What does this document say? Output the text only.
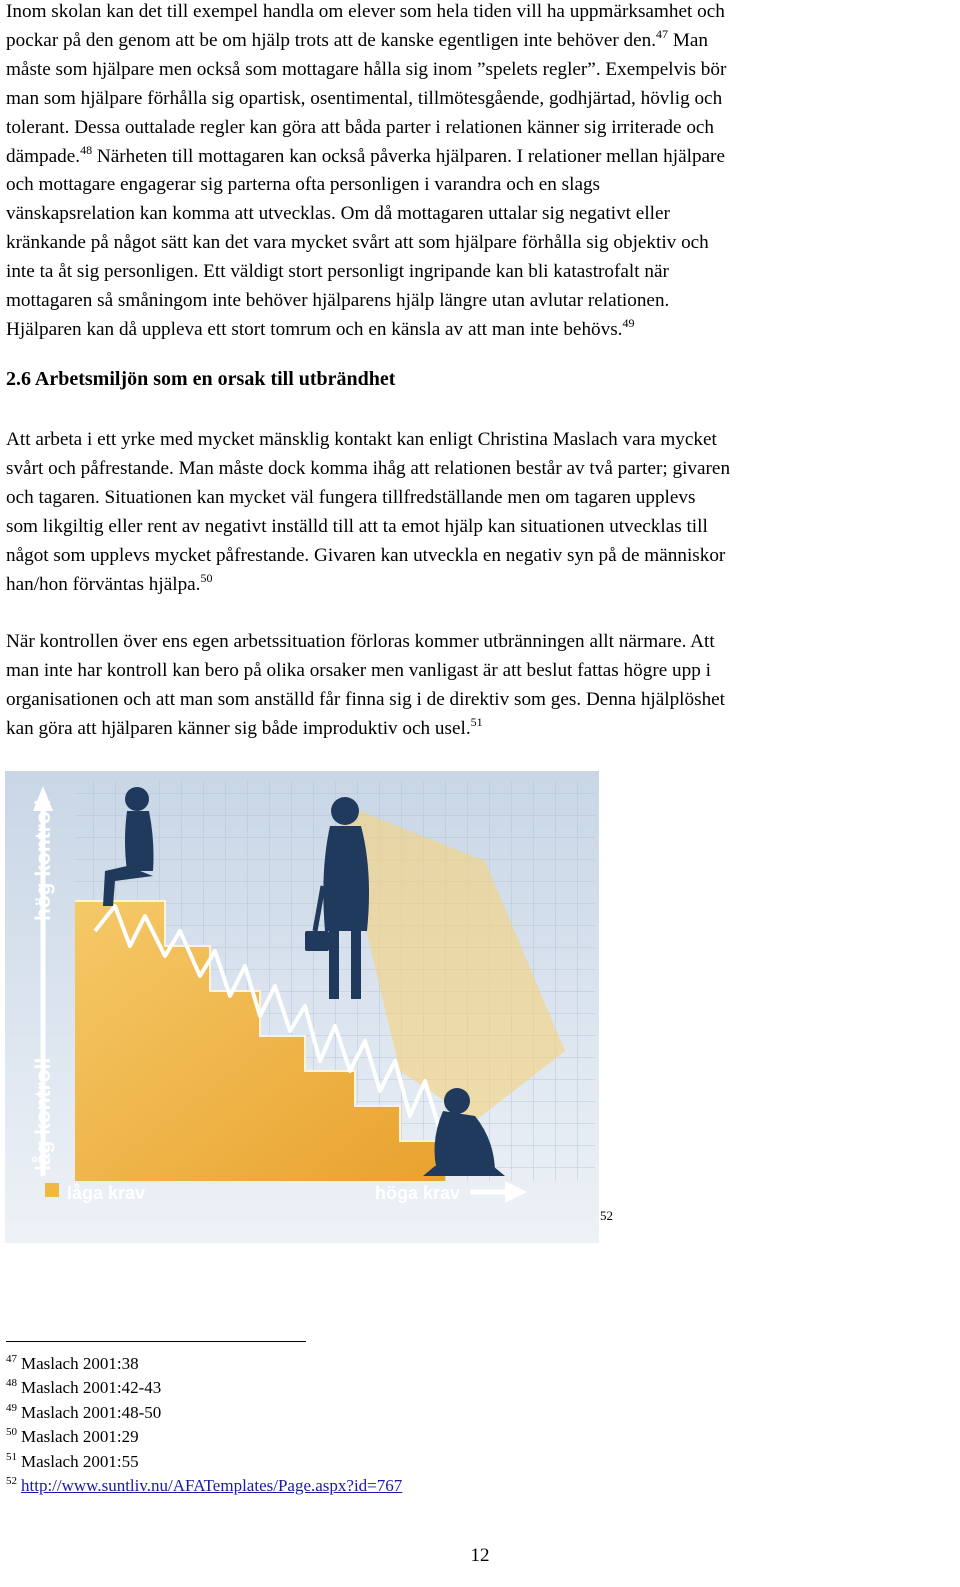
Inom skolan kan det till exempel handla om elever som hela tiden vill ha uppmärksamhet och
pockar på den genom att be om hjälp trots att de kanske egentligen inte behöver den.$^{47}$ Man
måste som hjälpare men också som mottagare hålla sig inom ”spelets regler”. Exempelvis bör
man som hjälpare förhålla sig opartisk, osentimental, tillmötesgående, godhjärtad, hövlig och
tolerant. Dessa outtalade regler kan göra att båda parter i relationen känner sig irriterade och
dämpade.$^{48}$ Närheten till mottagaren kan också påverka hjälparen. I relationer mellan hjälpare
och mottagare engagerar sig parterna ofta personligen i varandra och en slags
vänskapsrelation kan komma att utvecklas. Om då mottagaren uttalar sig negativt eller
kränkande på något sätt kan det vara mycket svårt att som hjälpare förhålla sig objektiv och
inte ta åt sig personligen. Ett väldigt stort personligt ingripande kan bli katastrofalt när
mottagaren så småningom inte behöver hjälparens hjälp längre utan avlutar relationen.
Hjälparen kan då uppleva ett stort tomrum och en känsla av att man inte behövs.$^{49}$
2.6 Arbetsmiljön som en orsak till utbrändhet
Att arbeta i ett yrke med mycket mänsklig kontakt kan enligt Christina Maslach vara mycket
svårt och påfrestande. Man måste dock komma ihåg att relationen består av två parter; givaren
och tagaren. Situationen kan mycket väl fungera tillfredställande men om tagaren upplevs
som likgiltig eller rent av negativt inställd till att ta emot hjälp kan situationen utvecklas till
något som upplevs mycket påfrestande. Givaren kan utveckla en negativ syn på de människor
han/hon förväntas hjälpa.$^{50}$
När kontrollen över ens egen arbetssituation förloras kommer utbränningen allt närmare. Att
man inte har kontroll kan bero på olika orsaker men vanligast är att beslut fattas högre upp i
organisationen och att man som anställd får finna sig i de direktiv som ges. Denna hjälplöshet
kan göra att hjälparen känner sig både improduktiv och usel.$^{51}$
hög kontroll
låg kontroll
låga krav	höga krav
52
$^{47}$ Maslach 2001:38
$^{48}$ Maslach 2001:42-43
$^{49}$ Maslach 2001:48-50
$^{50}$ Maslach 2001:29
$^{51}$ Maslach 2001:55
$^{52}$ http://www.suntliv.nu/AFATemplates/Page.aspx?id=767
12
